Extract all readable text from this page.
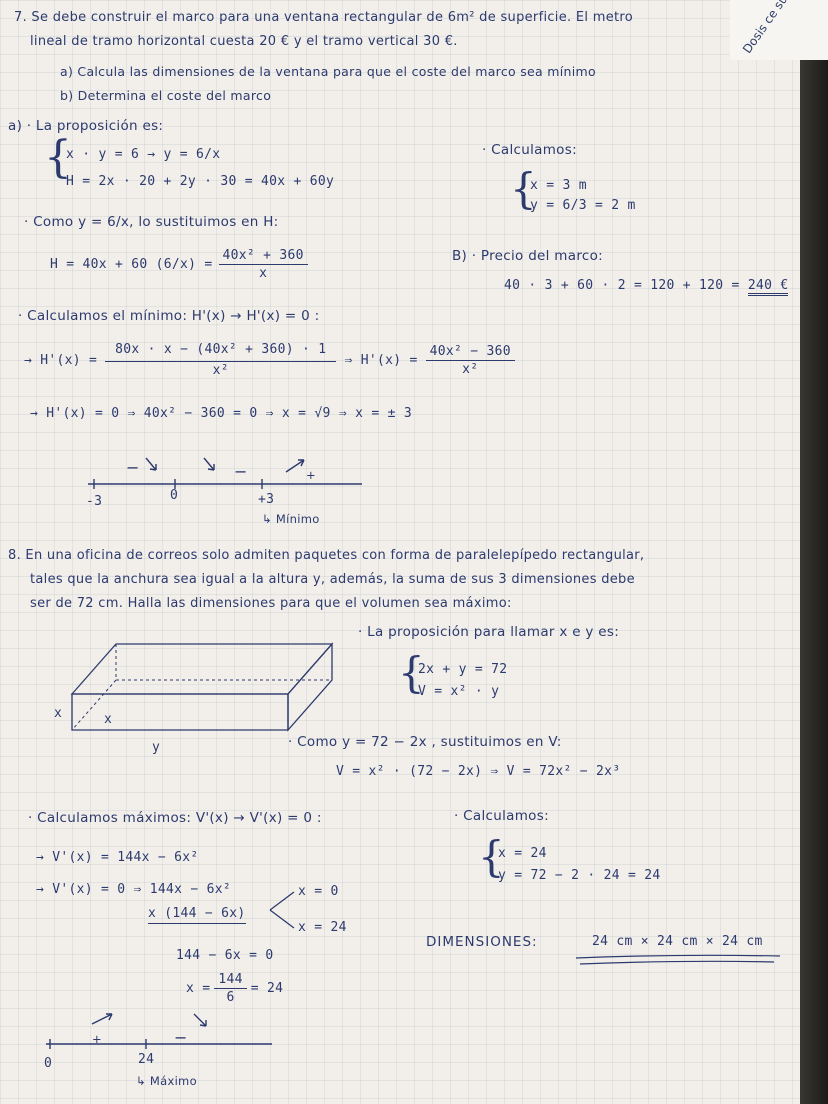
7. Se debe construir el marco para una ventana rectangular de 6m² de superficie. El metro
lineal de tramo horizontal cuesta 20 € y el tramo vertical 30 €.
a) Calcula las dimensiones de la ventana para que el coste del marco sea mínimo
b) Determina el coste del marco
a) · La proposición es:
{
x · y = 6 → y = 6/x
H = 2x · 20 + 2y · 30 = 40x + 60y
· Como y = 6/x, lo sustituimos en H:
H = 40x + 60 $(6/x) = \frac{\text{40x² + 360}}{x}$
· Calculamos:
{
x = 3 m
y = 6/3 = 2 m
B) · Precio del marco:
40 · 3 + 60 · 2 = 120 + 120 = 240 €
· Calculamos el mínimo: H'(x) → H'(x) = 0 :
→ $H'(x) = \frac{\text{80x · x − (40x² + 360) · 1}}{\text{x²}}$ ⇒ $H'(x) = \frac{\text{40x² − 360}}{\text{x²}}$
→ H'(x) = 0 ⇒ 40x² − 360 = 0 ⇒ x = √9 ⇒ x = ± 3
−	−	+
-3	0	+3
↳ Mínimo
8. En una oficina de correos solo admiten paquetes con forma de paralelepípedo rectangular,
tales que la anchura sea igual a la altura y, además, la suma de sus 3 dimensiones debe
ser de 72 cm. Halla las dimensiones para que el volumen sea máximo:
x	x
y
· La proposición para llamar x e y es:
{
2x + y = 72
V = x² · y
· Como y = 72 − 2x , sustituimos en V:
V = x² · (72 − 2x) ⇒ V = 72x² − 2x³
· Calculamos máximos: V'(x) → V'(x) = 0 :
→ V'(x) = 144x − 6x²
→ V'(x) = 0 ⇒ 144x − 6x²
x (144 − 6x)
x = 0
x = 24
144 − 6x = 0
$x = \frac{144}{6} = 24$
· Calculamos:
{
x = 24
y = 72 − 2 · 24 = 24
DIMENSIONES:	24 cm × 24 cm × 24 cm
+	−
0	24
↳ Máximo
